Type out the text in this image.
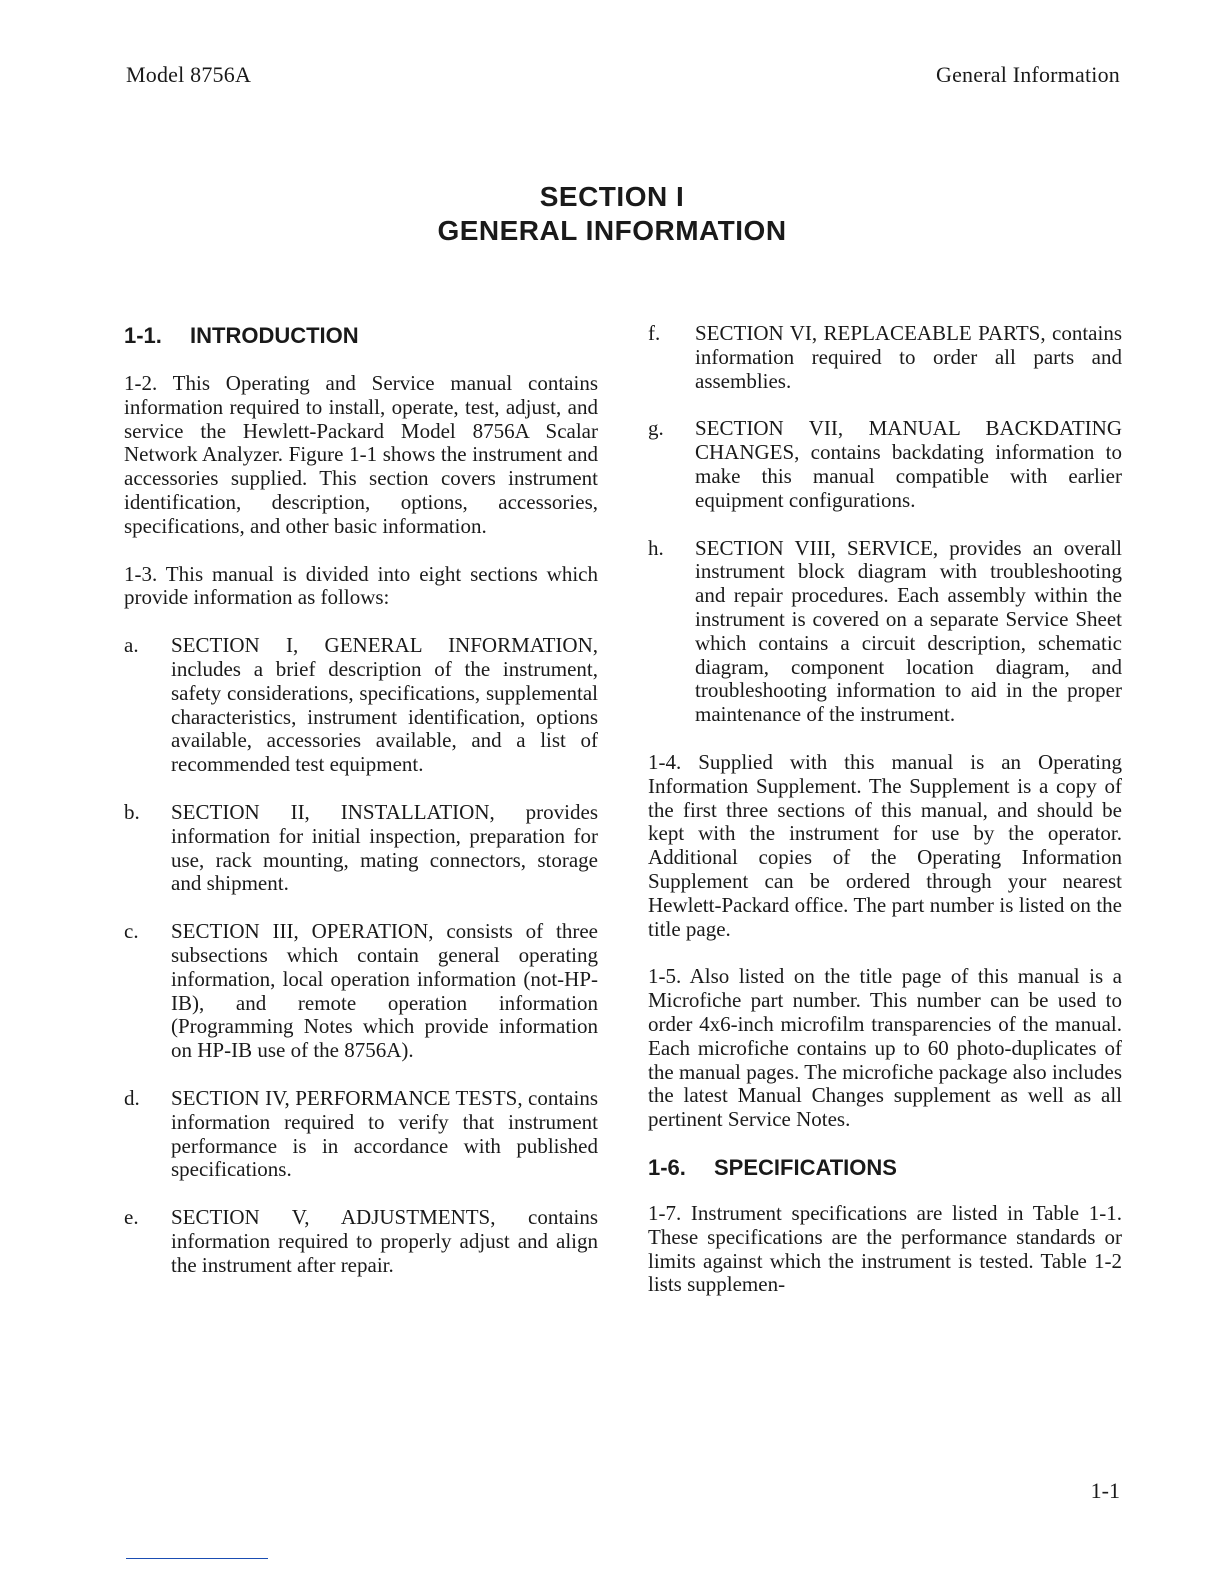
Model 8756A	General Information
SECTION I
GENERAL INFORMATION
1-1. INTRODUCTION

1-2. This Operating and Service manual contains information required to install, operate, test, adjust, and service the Hewlett-Packard Model 8756A Scalar Network Analyzer. Figure 1-1 shows the instrument and accessories supplied. This section covers instrument identification, description, options, accessories, specifications, and other basic information.

1-3. This manual is divided into eight sections which provide information as follows:

a.	SECTION I, GENERAL INFORMATION, includes a brief description of the instrument, safety considerations, specifications, supplemental characteristics, instrument identification, options available, accessories available, and a list of recommended test equipment.
b.	SECTION II, INSTALLATION, provides information for initial inspection, preparation for use, rack mounting, mating connectors, storage and shipment.
c.	SECTION III, OPERATION, consists of three subsections which contain general operating information, local operation information (not-HP-IB), and remote operation information (Programming Notes which provide information on HP-IB use of the 8756A).
d.	SECTION IV, PERFORMANCE TESTS, contains information required to verify that instrument performance is in accordance with published specifications.
e.	SECTION V, ADJUSTMENTS, contains information required to properly adjust and align the instrument after repair.
f.	SECTION VI, REPLACEABLE PARTS, contains information required to order all parts and assemblies.
g.	SECTION VII, MANUAL BACKDATING CHANGES, contains backdating information to make this manual compatible with earlier equipment configurations.
h.	SECTION VIII, SERVICE, provides an overall instrument block diagram with troubleshooting and repair procedures. Each assembly within the instrument is covered on a separate Service Sheet which contains a circuit description, schematic diagram, component location diagram, and troubleshooting information to aid in the proper maintenance of the instrument.

1-4. Supplied with this manual is an Operating Information Supplement. The Supplement is a copy of the first three sections of this manual, and should be kept with the instrument for use by the operator. Additional copies of the Operating Information Supplement can be ordered through your nearest Hewlett-Packard office. The part number is listed on the title page.

1-5. Also listed on the title page of this manual is a Microfiche part number. This number can be used to order 4x6-inch microfilm transparencies of the manual. Each microfiche contains up to 60 photo-duplicates of the manual pages. The microfiche package also includes the latest Manual Changes supplement as well as all pertinent Service Notes.

1-6. SPECIFICATIONS

1-7. Instrument specifications are listed in Table 1-1. These specifications are the performance standards or limits against which the instrument is tested. Table 1-2 lists supplemen-

1-1
